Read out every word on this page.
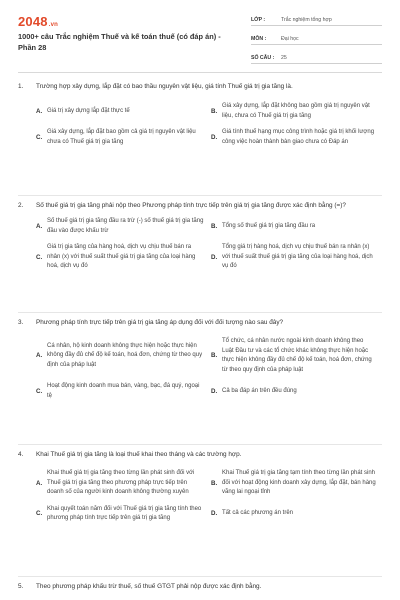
2048.vn
1000+ câu Trắc nghiệm Thuế và kế toán thuế (có đáp án) - Phần 28
LỚP :	Trắc nghiệm tổng hợp
MÔN :	Đại học
SỐ CÂU :	25
1.	Trường hợp xây dựng, lắp đặt có bao thầu nguyên vật liệu, giá tính Thuế giá trị gia tăng là.
A. Giá trị xây dựng lắp đặt thực tế	B.
Giá xây dựng, lắp đặt không bao gồm giá trị nguyên vật liệu, chưa có Thuế giá trị gia tăng
C.
Giá xây dựng, lắp đặt bao gồm cả giá trị nguyên vật liệu chưa có Thuế giá trị gia tăng
D.
Giá tính thuế hạng mục công trình hoặc giá trị khối lượng công việc hoàn thành bàn giao chưa có Đáp án
2.	Số thuế giá trị gia tăng phải nộp theo Phương pháp tính trực tiếp trên giá trị gia tăng được xác định bằng (=)?
A.
Số thuế giá trị gia tăng đầu ra trừ (-) số thuế giá trị gia tăng đầu vào được khấu trừ
B. Tổng số thuế giá trị gia tăng đầu ra
C.
Giá trị gia tăng của hàng hoá, dịch vụ chịu thuế bán ra nhân (x) với thuế suất thuế giá trị gia tăng của loại hàng hoá, dịch vụ đó
D.
Tổng giá trị hàng hoá, dịch vụ chịu thuế bán ra nhân (x) với thuế suất thuế giá trị gia tăng của loại hàng hoá, dịch vụ đó
3.	Phương pháp tính trực tiếp trên giá trị gia tăng áp dụng đối với đối tượng nào sau đây?
A.
Cá nhân, hộ kinh doanh không thực hiện hoặc thực hiện không đầy đủ chế độ kế toán, hoá đơn, chứng từ theo quy định của pháp luật
B.
Tổ chức, cá nhân nước ngoài kinh doanh không theo Luật Đầu tư và các tổ chức khác không thực hiện hoặc thực hiện không đầy đủ chế độ kế toán, hoá đơn, chứng từ theo quy định của pháp luật
C.
Hoạt động kinh doanh mua bán, vàng, bạc, đá quý, ngoại tệ
D. Cả ba đáp án trên đều đúng
4.	Khai Thuế giá trị gia tăng là loại thuế khai theo tháng và các trường hợp.
A.
Khai thuế giá trị gia tăng theo từng lần phát sinh đối với Thuế giá trị gia tăng theo phương pháp trực tiếp trên doanh số của người kinh doanh không thường xuyên
B.
Khai Thuế giá trị gia tăng tạm tính theo từng lần phát sinh đối với hoạt động kinh doanh xây dựng, lắp đặt, bán hàng vãng lai ngoại tỉnh
C.
Khai quyết toán năm đối với Thuế giá trị gia tăng tính theo phương pháp tính trực tiếp trên giá trị gia tăng
D. Tất cả các phương án trên
5.	Theo phương pháp khấu trừ thuế, số thuế GTGT phải nộp được xác định bằng.
